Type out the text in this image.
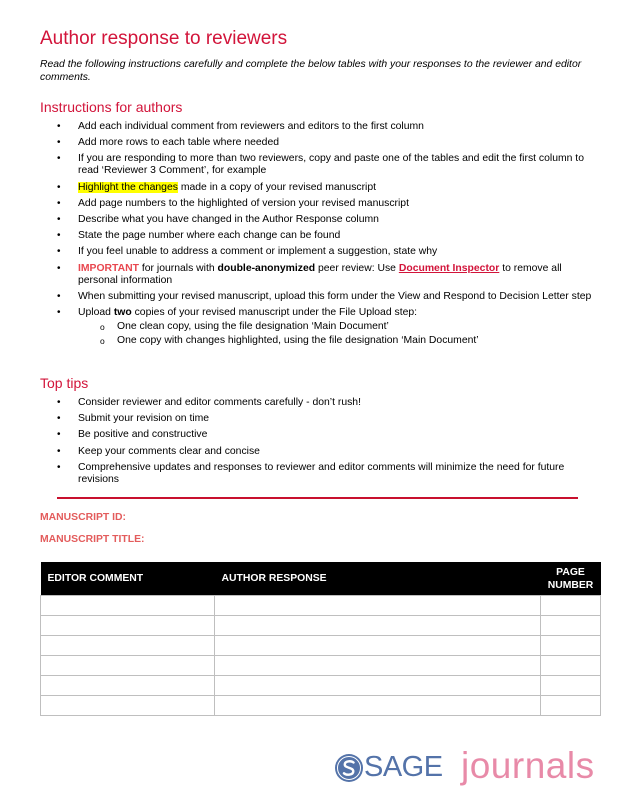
Author response to reviewers
Read the following instructions carefully and complete the below tables with your responses to the reviewer and editor comments.
Instructions for authors
• Add each individual comment from reviewers and editors to the first column
• Add more rows to each table where needed
• If you are responding to more than two reviewers, copy and paste one of the tables and edit the first column to read ‘Reviewer 3 Comment’, for example
• Highlight the changes made in a copy of your revised manuscript
• Add page numbers to the highlighted of version your revised manuscript
• Describe what you have changed in the Author Response column
• State the page number where each change can be found
• If you feel unable to address a comment or implement a suggestion, state why
• IMPORTANT for journals with double-anonymized peer review: Use Document Inspector to remove all personal information
• When submitting your revised manuscript, upload this form under the View and Respond to Decision Letter step
• Upload two copies of your revised manuscript under the File Upload step:
o One clean copy, using the file designation ‘Main Document’
o One copy with changes highlighted, using the file designation ‘Main Document’
Top tips
• Consider reviewer and editor comments carefully - don’t rush!
• Submit your revision on time
• Be positive and constructive
• Keep your comments clear and concise
• Comprehensive updates and responses to reviewer and editor comments will minimize the need for future revisions
MANUSCRIPT ID:
MANUSCRIPT TITLE:
EDITOR COMMENT	AUTHOR RESPONSE	PAGE NUMBER

SAGE journals
